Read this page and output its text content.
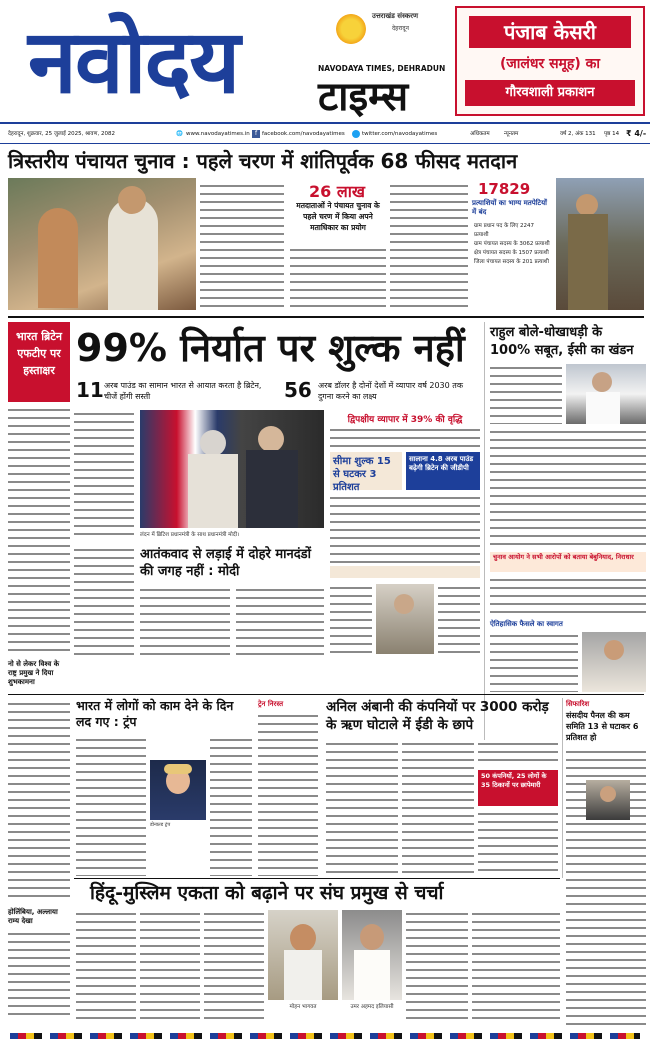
नवोदय	उत्तराखंड संस्करण
देहरादून
NAVODAYA TIMES, DEHRADUN
टाइम्स
पंजाब केसरी
(जालंधर समूह) का
गौरवशाली प्रकाशन
देहरादून, शुक्रवार, 25 जुलाई 2025, श्रावण, 2082	🌐 www.navodayatimes.in f facebook.com/navodayatimes	twitter.com/navodayatimes	अधिकतम	न्यूनतम	वर्ष 2, अंक 131 पृष्ठ 14 ₹ 4/-
त्रिस्तरीय पंचायत चुनाव : पहले चरण में शांतिपूर्वक 68 फीसद मतदान
26 लाख
मतदाताओं ने पंचायत चुनाव के पहले चरण में किया अपने मताधिकार का प्रयोग
17829
प्रत्याशियों का भाग्य मतपेटियों में बंद
ग्राम प्रधान पद के लिए 2247 प्रत्याशी
ग्राम पंचायत सदस्य के 3062 प्रत्याशी
क्षेत्र पंचायत सदस्य के 1507 प्रत्याशी
जिला पंचायत सदस्य के 201 प्रत्याशी
भारत ब्रिटेन एफटीए पर हस्ताक्षर
99% निर्यात पर शुल्क नहीं
11 अरब पाउंड का सामान भारत से आयात करता है ब्रिटेन, चीजें होंगी सस्ती	56 अरब डॉलर है दोनों देशों में व्यापार वर्ष 2030 तक दुगना करने का लक्ष्य
लंदन में ब्रिटिश प्रधानमंत्री के साथ प्रधानमंत्री मोदी।
आतंकवाद से लड़ाई में दोहरे मानदंडों की जगह नहीं : मोदी
द्विपक्षीय व्यापार में 39% की वृद्धि
सीमा शुल्क 15 से घटकर 3 प्रतिशत
सालाना 4.8 अरब पाउंड बढ़ेगी ब्रिटेन की जीडीपी
राहुल बोले-धोखाधड़ी के 100% सबूत, ईसी का खंडन
चुनाव आयोग ने सभी आरोपों को बताया बेबुनियाद, निराधार
ऐतिहासिक फैसले का स्वागत
नो से लेकर विश्व के राष्ट्र प्रमुख ने दिया शुभकामना
होलिंबिया, अल्लाया राम्य देखा
भारत में लोगों को काम देने के दिन लद गए : ट्रंप
डोनाल्ड ट्रंप
ट्रेन निरस्त	अनिल अंबानी की कंपनियों पर 3000 करोड़ के ऋण घोटाले में ईडी के छापे
50 कंपनियों, 25 लोगों के 35 ठिकानों पर छापेमारी
सिफारिश
संसदीय पैनल की कम समिति 13 से घटाकर 6 प्रतिशत हो
हिंदू-मुस्लिम एकता को बढ़ाने पर संघ प्रमुख से चर्चा
मोहन भागवत	उमर अहमद इलियासी
